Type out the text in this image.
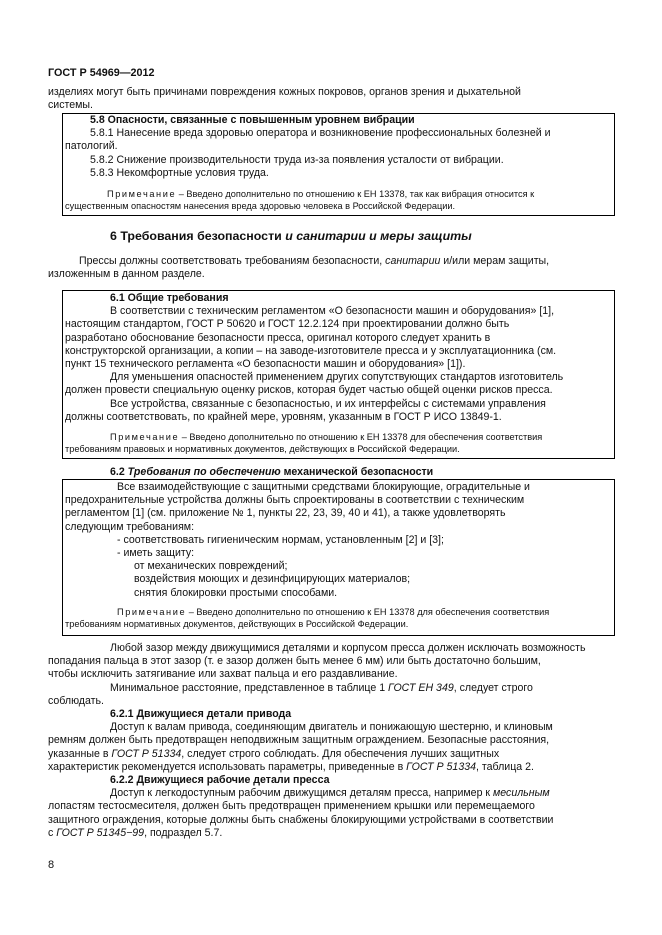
ГОСТ Р 54969—2012

изделиях могут быть причинами повреждения кожных покровов, органов зрения и дыхательной

системы.

5.8 Опасности, связанные с повышенным уровнем вибрации

5.8.1 Нанесение вреда здоровью оператора и возникновение профессиональных болезней и

патологий.

5.8.2 Снижение производительности труда из-за появления усталости от вибрации.

5.8.3 Некомфортные условия труда.

Примечание – Введено дополнительно по отношению к ЕН 13378, так как вибрация относится к

существенным опасностям нанесения вреда здоровью человека в Российской Федерации.

6 Требования безопасности и санитарии и меры защиты

Прессы должны соответствовать требованиям безопасности, санитарии и/или мерам защиты,

изложенным в данном разделе.

6.1 Общие требования

В соответствии с техническим регламентом «О безопасности машин и оборудования» [1],

настоящим стандартом, ГОСТ Р 50620 и ГОСТ 12.2.124 при проектировании должно быть

разработано обоснование безопасности пресса, оригинал которого следует хранить в

конструкторской организации, а копии – на заводе-изготовителе пресса и у эксплуатационника (см.

пункт 15 технического регламента «О безопасности машин и оборудования» [1]).

Для уменьшения опасностей применением других сопутствующих стандартов изготовитель

должен провести специальную оценку рисков, которая будет частью общей оценки рисков пресса.

Все устройства, связанные с безопасностью, и их интерфейсы с системами управления

должны соответствовать, по крайней мере, уровням, указанным в ГОСТ Р ИСО 13849-1.

Примечание – Введено дополнительно по отношению к ЕН 13378 для обеспечения соответствия

требованиям правовых и нормативных документов, действующих в Российской Федерации.

6.2 Требования по обеспечению механической безопасности

Все взаимодействующие с защитными средствами блокирующие, оградительные и

предохранительные устройства должны быть спроектированы в соответствии с техническим

регламентом [1] (см. приложение № 1, пункты 22, 23, 39, 40 и 41), а также удовлетворять

следующим требованиям:

- соответствовать гигиеническим нормам, установленным [2] и [3];

- иметь защиту:

от механических повреждений;

воздействия моющих и дезинфицирующих материалов;

снятия блокировки простыми способами.

Примечание – Введено дополнительно по отношению к ЕН 13378 для обеспечения соответствия

требованиям нормативных документов, действующих в Российской Федерации.

Любой зазор между движущимися деталями и корпусом пресса должен исключать возможность

попадания пальца в этот зазор (т. е зазор должен быть менее 6 мм) или быть достаточно большим,

чтобы исключить затягивание или захват пальца и его раздавливание.

Минимальное расстояние, представленное в таблице 1 ГОСТ ЕН 349, следует строго

соблюдать.

6.2.1 Движущиеся детали привода

Доступ к валам привода, соединяющим двигатель и понижающую шестерню, и клиновым

ремням должен быть предотвращен неподвижным защитным ограждением. Безопасные расстояния,

указанные в ГОСТ Р 51334, следует строго соблюдать. Для обеспечения лучших защитных

характеристик рекомендуется использовать параметры, приведенные в ГОСТ Р 51334, таблица 2.

6.2.2 Движущиеся рабочие детали пресса

Доступ к легкодоступным рабочим движущимся деталям пресса, например к месильным

лопастям тестосмесителя, должен быть предотвращен применением крышки или перемещаемого

защитного ограждения, которые должны быть снабжены блокирующими устройствами в соответствии

с ГОСТ Р 51345−99, подраздел 5.7.

8
